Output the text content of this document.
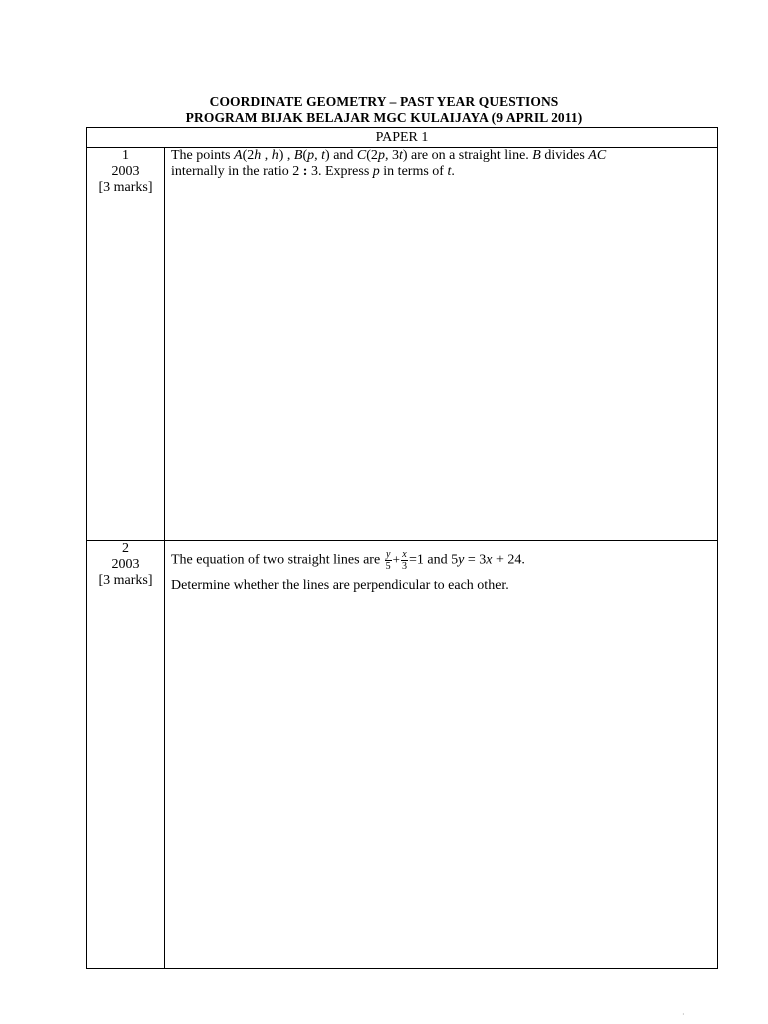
COORDINATE GEOMETRY – PAST YEAR QUESTIONS
PROGRAM BIJAK BELAJAR MGC KULAIJAYA (9 APRIL 2011)
PAPER 1
1
2003
[3 marks]
The points A(2h , h) , B(p, t) and C(2p, 3t) are on a straight line. B divides AC
internally in the ratio 2 : 3. Express p in terms of t.
2
2003
[3 marks]
The equation of two straight lines are $\frac{y}{5} + \frac{x}{3} =1$ and 5y = 3x + 24.
Determine whether the lines are perpendicular to each other.
·
